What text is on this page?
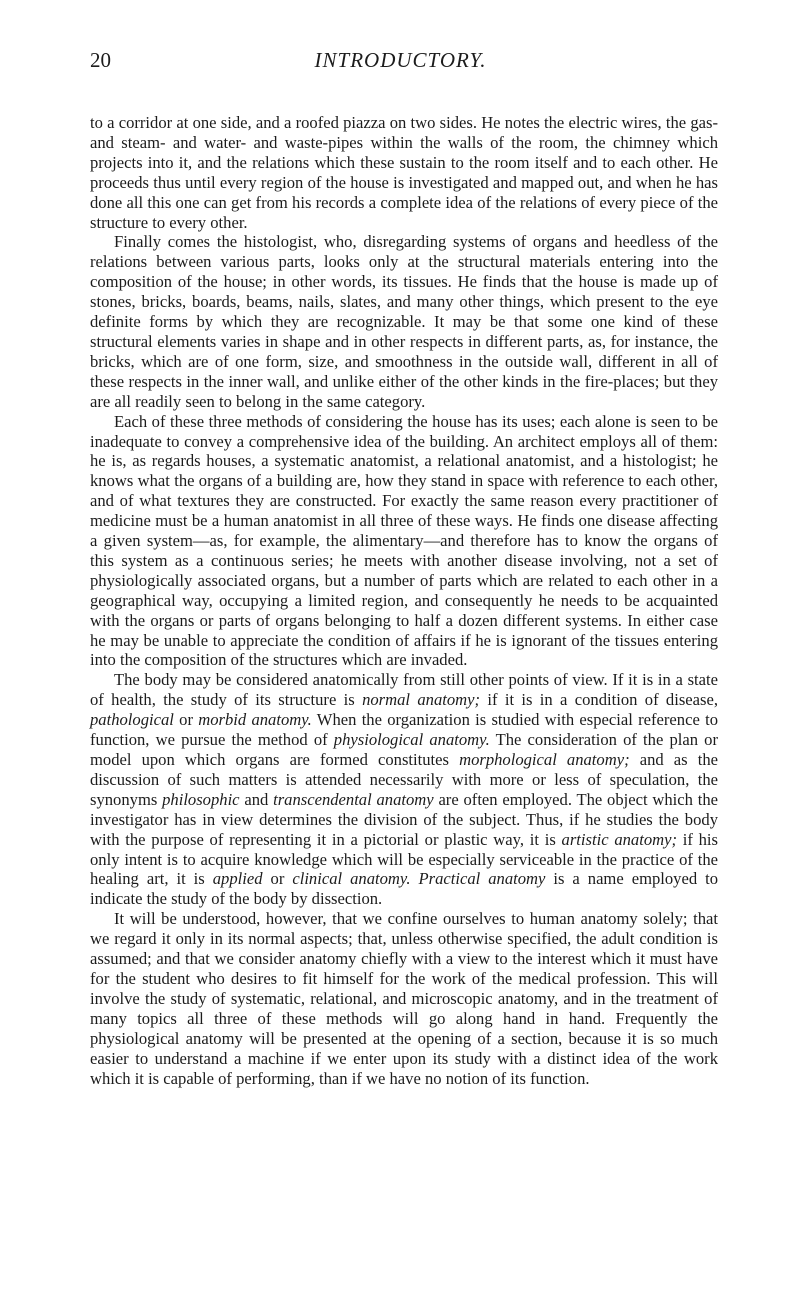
20	INTRODUCTORY.

to a corridor at one side, and a roofed piazza on two sides. He notes the electric wires, the gas- and steam- and water- and waste-pipes within the walls of the room, the chimney which projects into it, and the relations which these sustain to the room itself and to each other. He proceeds thus until every region of the house is investigated and mapped out, and when he has done all this one can get from his records a complete idea of the relations of every piece of the structure to every other.

Finally comes the histologist, who, disregarding systems of organs and heedless of the relations between various parts, looks only at the structural materials entering into the composition of the house; in other words, its tissues. He finds that the house is made up of stones, bricks, boards, beams, nails, slates, and many other things, which present to the eye definite forms by which they are recognizable. It may be that some one kind of these structural elements varies in shape and in other respects in different parts, as, for instance, the bricks, which are of one form, size, and smoothness in the outside wall, different in all of these respects in the inner wall, and unlike either of the other kinds in the fire-places; but they are all readily seen to belong in the same category.

Each of these three methods of considering the house has its uses; each alone is seen to be inadequate to convey a comprehensive idea of the building. An architect employs all of them: he is, as regards houses, a systematic anatomist, a relational anatomist, and a histologist; he knows what the organs of a building are, how they stand in space with reference to each other, and of what textures they are constructed. For exactly the same reason every practitioner of medicine must be a human anatomist in all three of these ways. He finds one disease affecting a given system—as, for example, the alimentary—and therefore has to know the organs of this system as a continuous series; he meets with another disease involving, not a set of physiologically associated organs, but a number of parts which are related to each other in a geographical way, occupying a limited region, and consequently he needs to be acquainted with the organs or parts of organs belonging to half a dozen different systems. In either case he may be unable to appreciate the condition of affairs if he is ignorant of the tissues entering into the composition of the structures which are invaded.

The body may be considered anatomically from still other points of view. If it is in a state of health, the study of its structure is normal anatomy; if it is in a condition of disease, pathological or morbid anatomy. When the organization is studied with especial reference to function, we pursue the method of physiological anatomy. The consideration of the plan or model upon which organs are formed constitutes morphological anatomy; and as the discussion of such matters is attended necessarily with more or less of speculation, the synonyms philosophic and transcendental anatomy are often employed. The object which the investigator has in view determines the division of the subject. Thus, if he studies the body with the purpose of representing it in a pictorial or plastic way, it is artistic anatomy; if his only intent is to acquire knowledge which will be especially serviceable in the practice of the healing art, it is applied or clinical anatomy. Practical anatomy is a name employed to indicate the study of the body by dissection.

It will be understood, however, that we confine ourselves to human anatomy solely; that we regard it only in its normal aspects; that, unless otherwise specified, the adult condition is assumed; and that we consider anatomy chiefly with a view to the interest which it must have for the student who desires to fit himself for the work of the medical profession. This will involve the study of systematic, relational, and microscopic anatomy, and in the treatment of many topics all three of these methods will go along hand in hand. Frequently the physiological anatomy will be presented at the opening of a section, because it is so much easier to understand a machine if we enter upon its study with a distinct idea of the work which it is capable of performing, than if we have no notion of its function.
